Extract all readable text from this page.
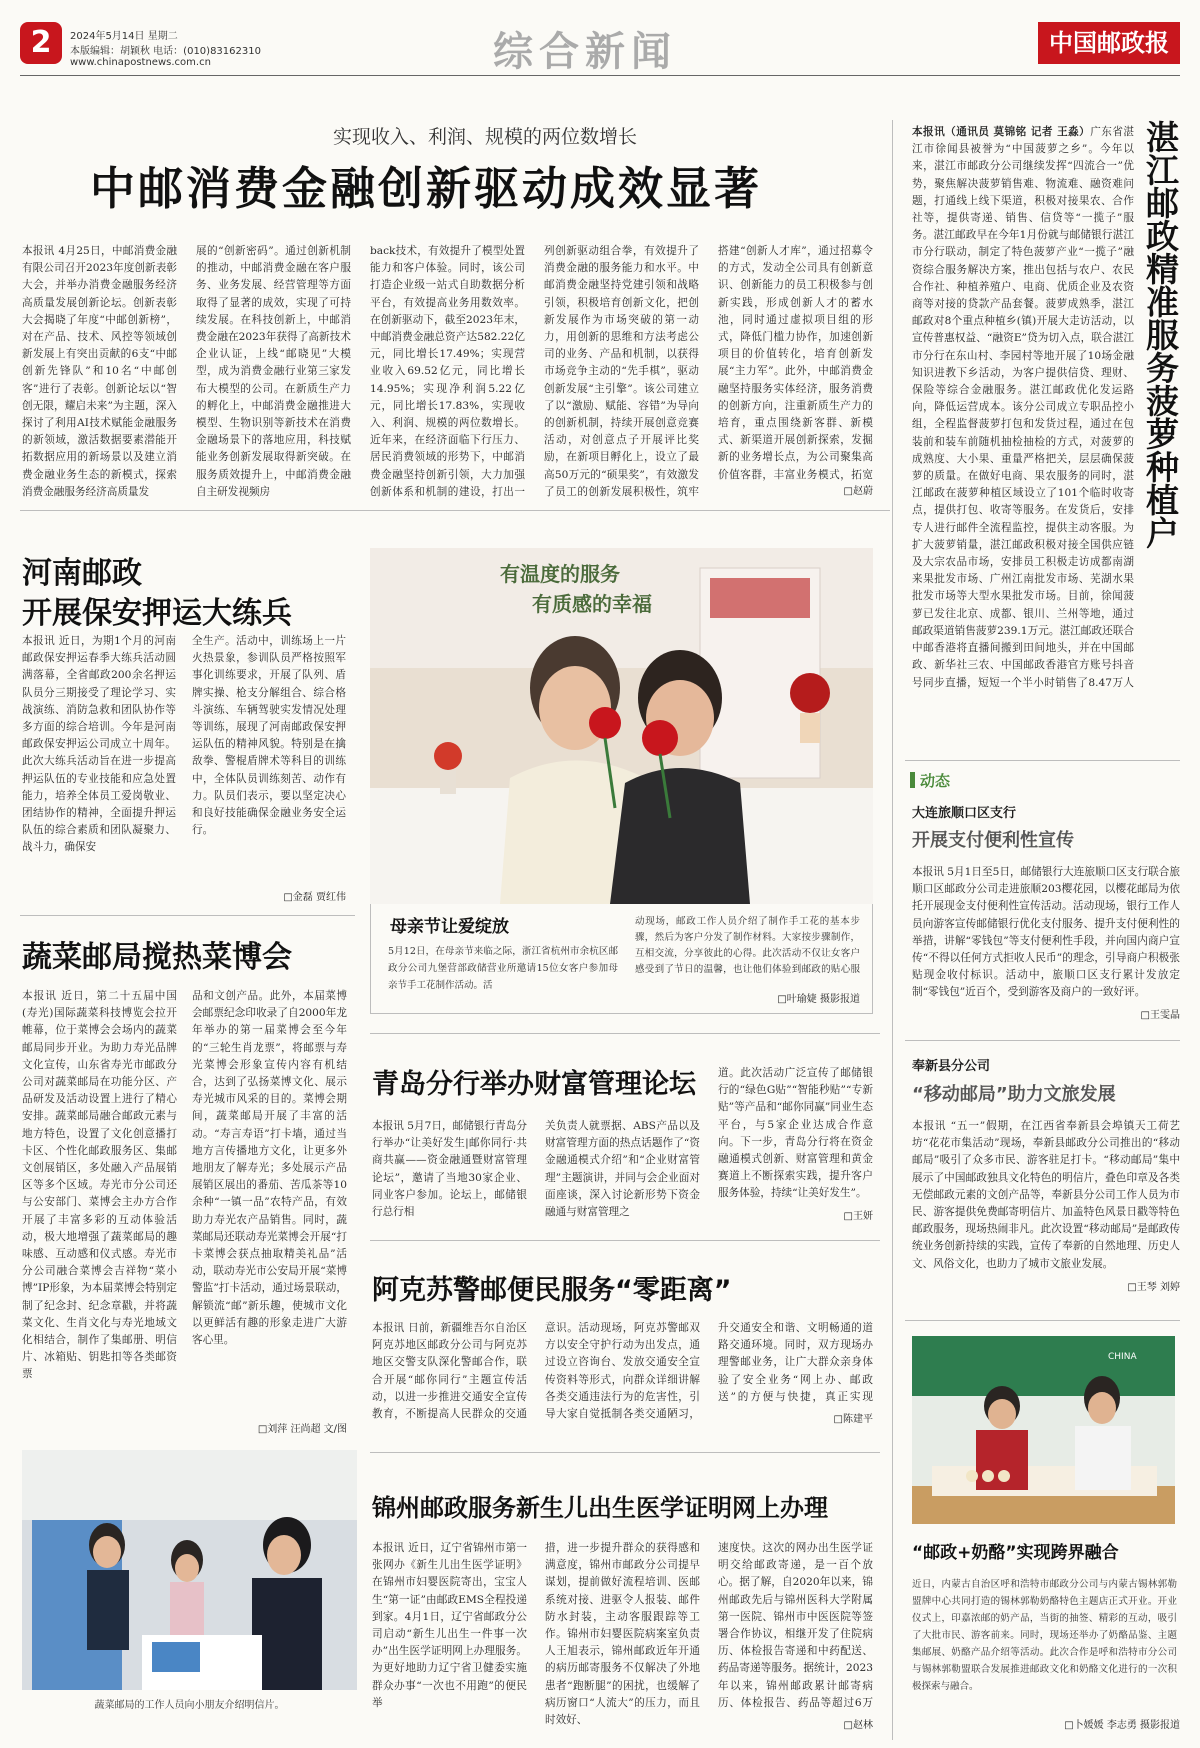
2	2024年5月14日 星期二
本版编辑：胡颖秋 电话：(010)83162310
www.chinapostnews.com.cn	综合新闻	中国邮政报
实现收入、利润、规模的两位数增长
中邮消费金融创新驱动成效显著
本报讯 4月25日，中邮消费金融有限公司召开2023年度创新表彰大会，并举办消费金融服务经济高质量发展创新论坛。创新表彰大会揭晓了年度“中邮创新榜”，对在产品、技术、风控等领域创新发展上有突出贡献的6支“中邮创新先锋队”和10名“中邮创客”进行了表彰。创新论坛以“智创无限，耀启未来”为主题，深入探讨了利用AI技术赋能金融服务的新领域，激活数据要素潜能开拓数据应用的新场景以及建立消费金融业务生态的新模式，探索消费金融服务经济高质量发
展的“创新密码”。通过创新机制的推动，中邮消费金融在客户服务、业务发展、经营管理等方面取得了显著的成效，实现了可持续发展。在科技创新上，中邮消费金融在2023年获得了高新技术企业认证，上线“邮晓见”大模型，成为消费金融行业第三家发布大模型的公司。在新质生产力的孵化上，中邮消费金融推进大模型、生物识别等新技术在消费金融场景下的落地应用，科技赋能业务创新发展取得新突破。在服务质效提升上，中邮消费金融自主研发视频房
back技术，有效提升了模型处置能力和客户体验。同时，该公司打造企业级一站式自助数据分析平台，有效提高业务用数效率。在创新驱动下，截至2023年末，中邮消费金融总资产达582.22亿元，同比增长17.49%；实现营业收入69.52亿元，同比增长14.95%；实现净利润5.22亿元，同比增长17.83%，实现收入、利润、规模的两位数增长。近年来，在经济面临下行压力、居民消费领域的形势下，中邮消费金融坚持创新引领，大力加强创新体系和机制的建设，打出一
列创新驱动组合拳，有效提升了消费金融的服务能力和水平。中邮消费金融坚持党建引领和战略引领，积极培育创新文化，把创新发展作为市场突破的第一动力，用创新的思维和方法考虑公司的业务、产品和机制，以获得市场竞争主动的“先手棋”，驱动创新发展“主引擎”。该公司建立了以“激励、赋能、容错”为导向的创新机制，持续开展创意竞赛活动，对创意点子开展评比奖励，在新项目孵化上，设立了最高50万元的“硕果奖”，有效激发了员工的创新发展积极性，筑牢
搭建“创新人才库”，通过招募令的方式，发动全公司具有创新意识、创新能力的员工积极参与创新实践，形成创新人才的蓄水池，同时通过虚拟项目组的形式，降低门槛力协作，加速创新项目的价值转化，培育创新发展“主力军”。此外，中邮消费金融坚持服务实体经济，服务消费的创新方向，注重新质生产力的培育，重点围绕新客群、新模式、新渠道开展创新探索，发掘新的业务增长点，为公司聚集高价值客群，丰富业务模式，拓宽
□赵蔚	湛江邮政精准服务菠萝种植户
本报讯（通讯员 莫锦铭 记者 王淼）广东省湛江市徐闻县被誉为“中国菠萝之乡”。今年以来，湛江市邮政分公司继续发挥“四流合一”优势，聚焦解决菠萝销售难、物流难、融资难问题，打通线上线下渠道，积极对接果农、合作社等，提供寄递、销售、信贷等“一揽子”服务。湛江邮政早在今年1月份就与邮储银行湛江市分行联动，制定了特色菠萝产业“一揽子”融资综合服务解决方案，推出包括与农户、农民合作社、种植养殖户、电商、优质企业及农资商等对接的贷款产品套餐。菠萝成熟季，湛江邮政对8个重点种植乡(镇)开展大走访活动，以宣传普惠权益、“融资E”贷为切入点，联合湛江市分行在东山村、李园村等地开展了10场金融知识进教下乡活动，为客户提供信贷、理财、保险等综合金融服务。湛江邮政优化发运路向，降低运营成本。该分公司成立专职品控小组，全程监督菠萝打包和发货过程，通过在包装前和装车前随机抽检抽检的方式，对菠萝的成熟度、大小果、重量严格把关，层层确保菠萝的质量。在做好电商、果农服务的同时，湛江邮政在菠萝种植区域设立了101个临时收寄点，提供打包、收寄等服务。在发货后，安排专人进行邮件全流程监控，提供主动客服。为扩大菠萝销量，湛江邮政积极对接全国供应链及大宗农品市场，安排员工积极走访成都南湖来果批发市场、广州江南批发市场、芜湖水果批发市场等大型水果批发市场。目前，徐闻菠萝已发往北京、成都、银川、兰州等地，通过邮政渠道销售菠萝239.1万元。湛江邮政还联合中邮香港将直播间搬到田间地头，并在中国邮政、新华社三农、中国邮政香港官方账号抖音号同步直播，短短一个半小时销售了8.47万人
河南邮政
开展保安押运大练兵
本报讯 近日，为期1个月的河南邮政保安押运春季大练兵活动圆满落幕，全省邮政200余名押运队员分三期接受了理论学习、实战演练、消防急救和团队协作等多方面的综合培训。今年是河南邮政保安押运公司成立十周年。此次大练兵活动旨在进一步提高押运队伍的专业技能和应急处置能力，培养全体员工爱岗敬业、团结协作的精神，全面提升押运队伍的综合素质和团队凝聚力、战斗力，确保安
全生产。活动中，训练场上一片火热景象，参训队员严格按照军事化训练要求，开展了队列、盾牌实操、枪支分解组合、综合格斗演练、车辆驾驶实发情况处理等训练，展现了河南邮政保安押运队伍的精神风貌。特别是在擒敌拳、警棍盾牌术等科目的训练中，全体队员训练刻苦、动作有力。队员们表示，要以坚定决心和良好技能确保金融业务安全运行。
□金磊 贾红伟
有温度的服务
有质感的幸福
母亲节让爱绽放
5月12日，在母亲节来临之际，浙江省杭州市余杭区邮政分公司九堡营部政储营业所邀请15位女客户参加母亲节手工花制作活动。活
动现场，邮政工作人员介绍了制作手工花的基本步骤，然后为客户分发了制作材料。大家按步骤制作，互相交流，分享彼此的心得。此次活动不仅让女客户感受到了节日的温馨，也让他们体验到邮政的贴心服
□叶瑜婕 摄影报道
蔬菜邮局搅热菜博会
本报讯 近日，第二十五届中国(寿光)国际蔬菜科技博览会拉开帷幕，位于菜博会会场内的蔬菜邮局同步开业。为助力寿光品牌文化宣传，山东省寿光市邮政分公司对蔬菜邮局在功能分区、产品研发及活动设置上进行了精心安排。蔬菜邮局融合邮政元素与地方特色，设置了文化创意播打卡区、个性化邮政服务区、集邮文创展销区，多处融入产品展销区等多个区域。寿光市分公司还与公安部门、菜博会主办方合作开展了丰富多彩的互动体验活动，极大地增强了蔬菜邮局的趣味感、互动感和仪式感。寿光市分公司融合菜博会吉祥物“菜小博”IP形象，为本届菜博会特别定制了纪念封、纪念章戳，并将蔬菜文化、生肖文化与寿光地域文化相结合，制作了集邮册、明信片、冰箱贴、钥匙扣等各类邮资票
品和文创产品。此外，本届菜博会邮票纪念印收录了自2000年龙年举办的第一届菜博会至今年的“三轮生肖龙票”，将邮票与寿光菜博会形象宣传内容有机结合，达到了弘扬菜博文化、展示寿光城市风采的目的。菜博会期间，蔬菜邮局开展了丰富的活动。“寿言寿语”打卡墙，通过当地方言传播地方文化，让更多外地朋友了解寿光；多处展示产品展销区展出的番茄、苦瓜茶等10余种“一镇一品”农特产品，有效助力寿光农产品销售。同时，蔬菜邮局还联动寿光菜博会开展“打卡菜博会获点抽取精美礼品”活动，联动寿光市公安局开展“菜博警监”打卡活动，通过场景联动，解锁流“邮”新乐趣，使城市文化以更鲜活有趣的形象走进广大游客心里。
□刘萍 汪尚超 文/图
蔬菜邮局的工作人员向小朋友介绍明信片。
青岛分行举办财富管理论坛
本报讯 5月7日，邮储银行青岛分行举办“让美好发生|邮你同行·共商共赢——资金融通暨财富管理论坛”，邀请了当地30家企业、同业客户参加。论坛上，邮储银行总行相
关负责人就票据、ABS产品以及财富管理方面的热点话题作了“资金融通模式介绍”和“企业财富管理”主题演讲，并同与会企业面对面座谈，深入讨论新形势下资金融通与财富管理之
道。此次活动广泛宣传了邮储银行的“绿色G贴”“智能秒贴”“专新贴”等产品和“邮你同赢”同业生态平台，与5家企业达成合作意向。下一步，青岛分行将在资金融通模式创新、财富管理和黄金赛道上不断探索实践，提升客户服务体验，持续“让美好发生”。
□王妍
阿克苏警邮便民服务“零距离”
本报讯 日前，新疆维吾尔自治区阿克苏地区邮政分公司与阿克苏地区交警支队深化警邮合作，联合开展“邮你同行”主题宣传活动，以进一步推进交通安全宣传教育，不断提高人民群众的交通
意识。活动现场，阿克苏警邮双方以安全守护行动为出发点，通过设立咨询台、发放交通安全宣传资料等形式，向群众详细讲解各类交通违法行为的危害性，引导大家自觉抵制各类交通陋习，
升交通安全和谐、文明畅通的道路交通环境。同时，双方现场办理警邮业务，让广大群众亲身体验了安全业务“网上办、邮政送”的方便与快捷，真正实现
□陈建平
锦州邮政服务新生儿出生医学证明网上办理
本报讯 近日，辽宁省锦州市第一张网办《新生儿出生医学证明》在锦州市妇婴医院寄出，宝宝人生“第一证”由邮政EMS全程投递到家。4月1日，辽宁省邮政分公司启动“新生儿出生一件事一次办”出生医学证明网上办理服务。为更好地助力辽宁省卫健委实施群众办事“一次也不用跑”的便民举
措，进一步提升群众的获得感和满意度，锦州市邮政分公司提早谋划，提前做好流程培训、医邮系统对接、进驱令人报装、邮件防水封装，主动客服跟踪等工作。锦州市妇婴医院病案室负责人王旭表示，锦州邮政近年开通的病历邮寄服务不仅解决了外地患者“跑断腿”的困扰，也缓解了病历窗口“人流大”的压力，而且时效好、
速度快。这次的网办出生医学证明交给邮政寄递，是一百个放心。据了解，自2020年以来，锦州邮政先后与锦州医科大学附属第一医院、锦州市中医医院等签署合作协议，相继开发了住院病历、体检报告寄递和中药配送、药品寄递等服务。据统计，2023年以来，锦州邮政累计邮寄病历、体检报告、药品等超过6万
□赵林
动态
大连旅顺口区支行
开展支付便利性宣传
本报讯 5月1日至5日，邮储银行大连旅顺口区支行联合旅顺口区邮政分公司走进旅顺203樱花园，以樱花邮局为依托开展现金支付便利性宣传活动。活动现场，银行工作人员向游客宣传邮储银行优化支付服务、提升支付便利性的举措，讲解“零钱包”等支付便利性手段，并向国内商户宣传“不得以任何方式拒收人民币”的理念，引导商户积极张贴现金收付标识。活动中，旅顺口区支行累计发放定制“零钱包”近百个，受到游客及商户的一致好评。
□王雯晶
奉新县分公司
“移动邮局”助力文旅发展
本报讯 “五一”假期，在江西省奉新县会埠镇天工荷艺坊“花花市集活动”现场，奉新县邮政分公司推出的“移动邮局”吸引了众多市民、游客驻足打卡。“移动邮局”集中展示了中国邮政独具文化特色的明信片，叠色印章及各类无偿邮政元素的文创产品等，奉新县分公司工作人员为市民、游客提供免费邮寄明信片、加盖特色风景日戳等特色邮政服务，现场热闹非凡。此次设置“移动邮局”是邮政传统业务创新持续的实践，宣传了奉新的自然地理、历史人文、风俗文化，也助力了城市文旅业发展。
□王琴 刘婷
CHINA
“邮政+奶酪”实现跨界融合
近日，内蒙古自治区呼和浩特市邮政分公司与内蒙古锡林郭勒盟牌中心共同打造的锡林郭勒奶酪特色主题店正式开业。开业仪式上，印嘉浓邮的奶产品，当街的抽签、精彩的互动，吸引了大批市民、游客前来。同时，现场还举办了奶酪品鉴、主题集邮展、奶酪产品介绍等活动。此次合作是呼和浩特市分公司与锡林郭勒盟联合发展推进邮政文化和奶酪文化进行的一次积极探索与融合。
□卜媛媛 李志勇 摄影报道
